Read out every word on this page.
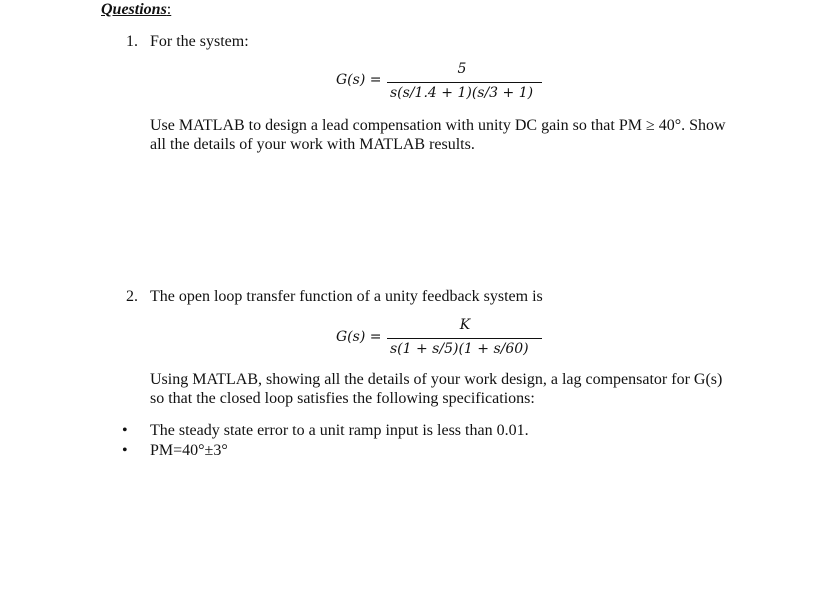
Questions:
1. For the system:
G(s) =
5
s(s/1.4 + 1)(s/3 + 1)
Use MATLAB to design a lead compensation with unity DC gain so that PM ≥ 40°. Show
all the details of your work with MATLAB results.
2. The open loop transfer function of a unity feedback system is
G(s) =
K
s(1 + s/5)(1 + s/60)
Using MATLAB, showing all the details of your work design, a lag compensator for G(s)
so that the closed loop satisfies the following specifications:
• The steady state error to a unit ramp input is less than 0.01.
• PM=40°±3°
